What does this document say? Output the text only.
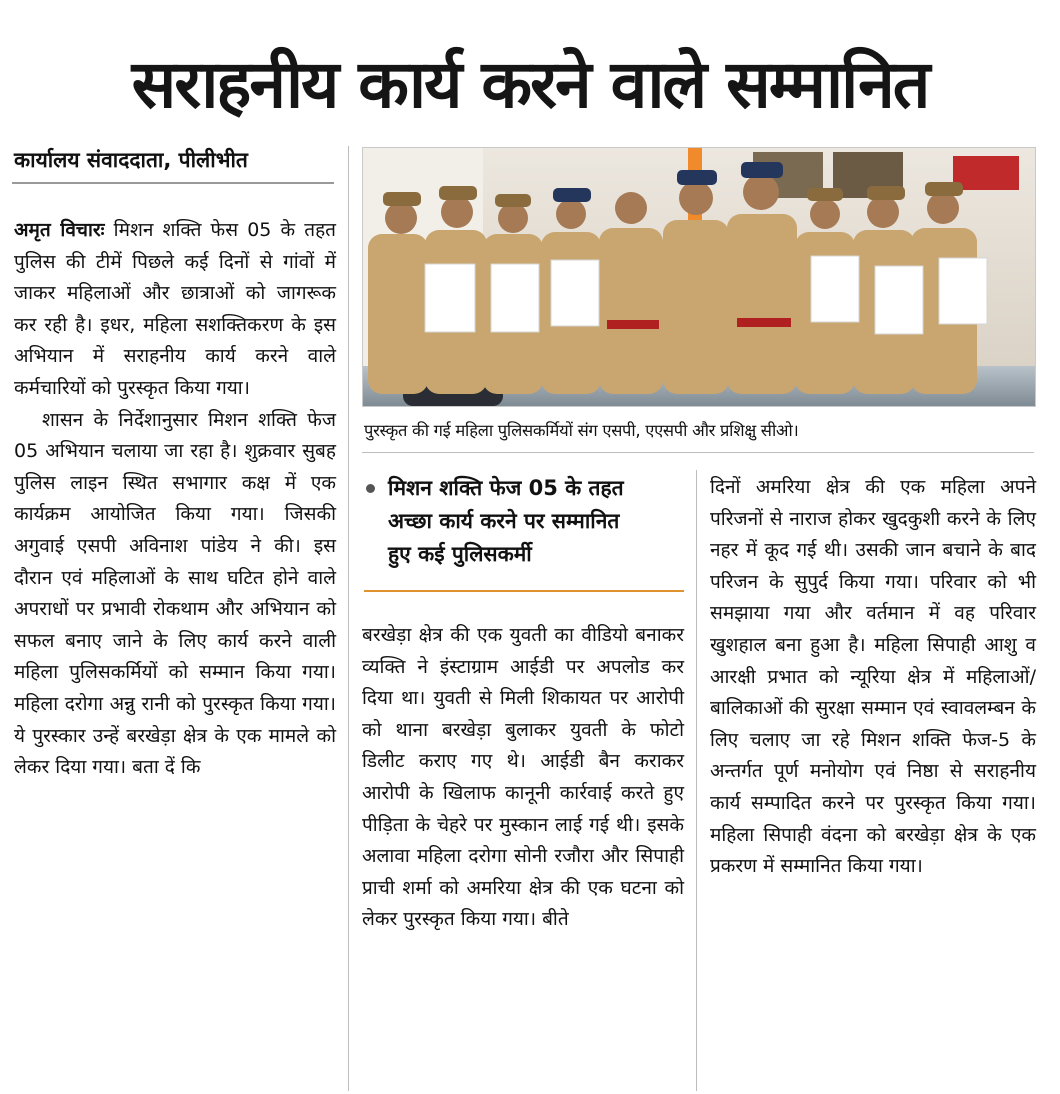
सराहनीय कार्य करने वाले सम्मानित
कार्यालय संवाददाता, पीलीभीत

अमृत विचारः मिशन शक्ति फेस 05 के तहत पुलिस की टीमें पिछले कई दिनों से गांवों में जाकर महिलाओं और छात्राओं को जागरूक कर रही है। इधर, महिला सशक्तिकरण के इस अभियान में सराहनीय कार्य करने वाले कर्मचारियों को पुरस्कृत किया गया।

शासन के निर्देशानुसार मिशन शक्ति फेज 05 अभियान चलाया जा रहा है। शुक्रवार सुबह पुलिस लाइन स्थित सभागार कक्ष में एक कार्यक्रम आयोजित किया गया। जिसकी अगुवाई एसपी अविनाश पांडेय ने की। इस दौरान एवं महिलाओं के साथ घटित होने वाले अपराधों पर प्रभावी रोकथाम और अभियान को सफल बनाए जाने के लिए कार्य करने वाली महिला पुलिसकर्मियों को सम्मान किया गया। महिला दरोगा अन्नु रानी को पुरस्कृत किया गया। ये पुरस्कार उन्हें बरखेड़ा क्षेत्र के एक मामले को लेकर दिया गया। बता दें कि

पुरस्कृत की गई महिला पुलिसकर्मियों संग एसपी, एएसपी और प्रशिक्षु सीओ।
मिशन शक्ति फेज 05 के तहत
अच्छा कार्य करने पर सम्मानित
हुए कई पुलिसकर्मी

बरखेड़ा क्षेत्र की एक युवती का वीडियो बनाकर व्यक्ति ने इंस्टाग्राम आईडी पर अपलोड कर दिया था। युवती से मिली शिकायत पर आरोपी को थाना बरखेड़ा बुलाकर युवती के फोटो डिलीट कराए गए थे। आईडी बैन कराकर आरोपी के खिलाफ कानूनी कार्रवाई करते हुए पीड़िता के चेहरे पर मुस्कान लाई गई थी। इसके अलावा महिला दरोगा सोनी रजौरा और सिपाही प्राची शर्मा को अमरिया क्षेत्र की एक घटना को लेकर पुरस्कृत किया गया। बीते

दिनों अमरिया क्षेत्र की एक महिला अपने परिजनों से नाराज होकर खुदकुशी करने के लिए नहर में कूद गई थी। उसकी जान बचाने के बाद परिजन के सुपुर्द किया गया। परिवार को भी समझाया गया और वर्तमान में वह परिवार खुशहाल बना हुआ है। महिला सिपाही आशु व आरक्षी प्रभात को न्यूरिया क्षेत्र में महिलाओं/बालिकाओं की सुरक्षा सम्मान एवं स्वावलम्बन के लिए चलाए जा रहे मिशन शक्ति फेज-5 के अन्तर्गत पूर्ण मनोयोग एवं निष्ठा से सराहनीय कार्य सम्पादित करने पर पुरस्कृत किया गया। महिला सिपाही वंदना को बरखेड़ा क्षेत्र के एक प्रकरण में सम्मानित किया गया।
